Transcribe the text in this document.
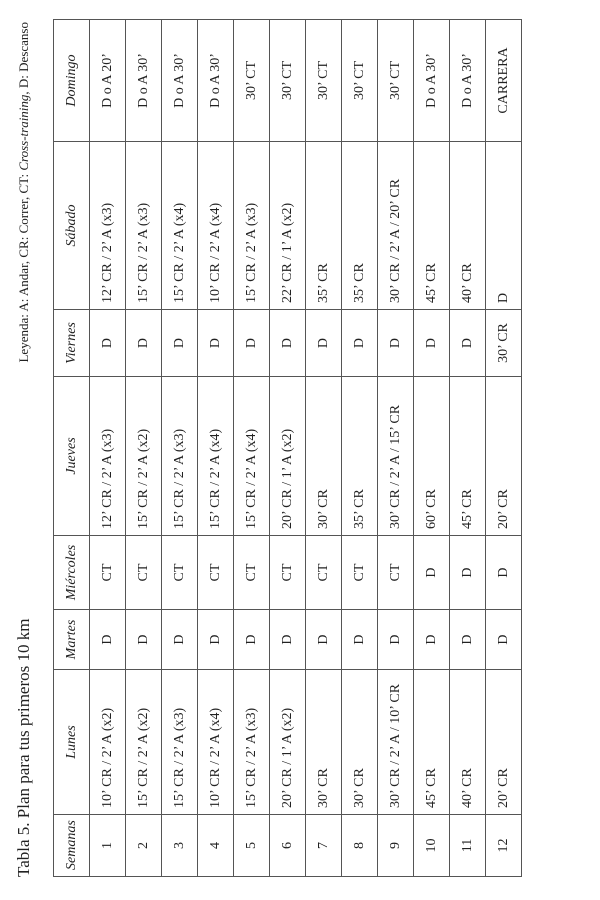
Tabla 5. Plan para tus primeros 10 km
Leyenda: A: Andar, CR: Correr, CT: Cross-training, D: Descanso
Semanas	Lunes	Martes	Miércoles	Jueves	Viernes	Sábado	Domingo
1	10’ CR / 2’ A (x2)	D	CT	12’ CR / 2’ A (x3)	D	12’ CR / 2’ A (x3)	D o A 20’
2	15’ CR / 2’ A (x2)	D	CT	15’ CR / 2’ A (x2)	D	15’ CR / 2’ A (x3)	D o A 30’
3	15’ CR / 2’ A (x3)	D	CT	15’ CR / 2’ A (x3)	D	15’ CR / 2’ A (x4)	D o A 30’
4	10’ CR / 2’ A (x4)	D	CT	15’ CR / 2’ A (x4)	D	10’ CR / 2’ A (x4)	D o A 30’
5	15’ CR / 2’ A (x3)	D	CT	15’ CR / 2’ A (x4)	D	15’ CR / 2’ A (x3)	30’ CT
6	20’ CR / 1’ A (x2)	D	CT	20’ CR / 1’ A (x2)	D	22’ CR / 1’ A (x2)	30’ CT
7	30’ CR	D	CT	30’ CR	D	35’ CR	30’ CT
8	30’ CR	D	CT	35’ CR	D	35’ CR	30’ CT
9	30’ CR / 2’ A / 10’ CR	D	CT	30’ CR / 2’ A / 15’ CR	D	30’ CR / 2’ A / 20’ CR	30’ CT
10	45’ CR	D	D	60’ CR	D	45’ CR	D o A 30’
11	40’ CR	D	D	45’ CR	D	40’ CR	D o A 30’
12	20’ CR	D	D	20’ CR	30’ CR	D	CARRERA
